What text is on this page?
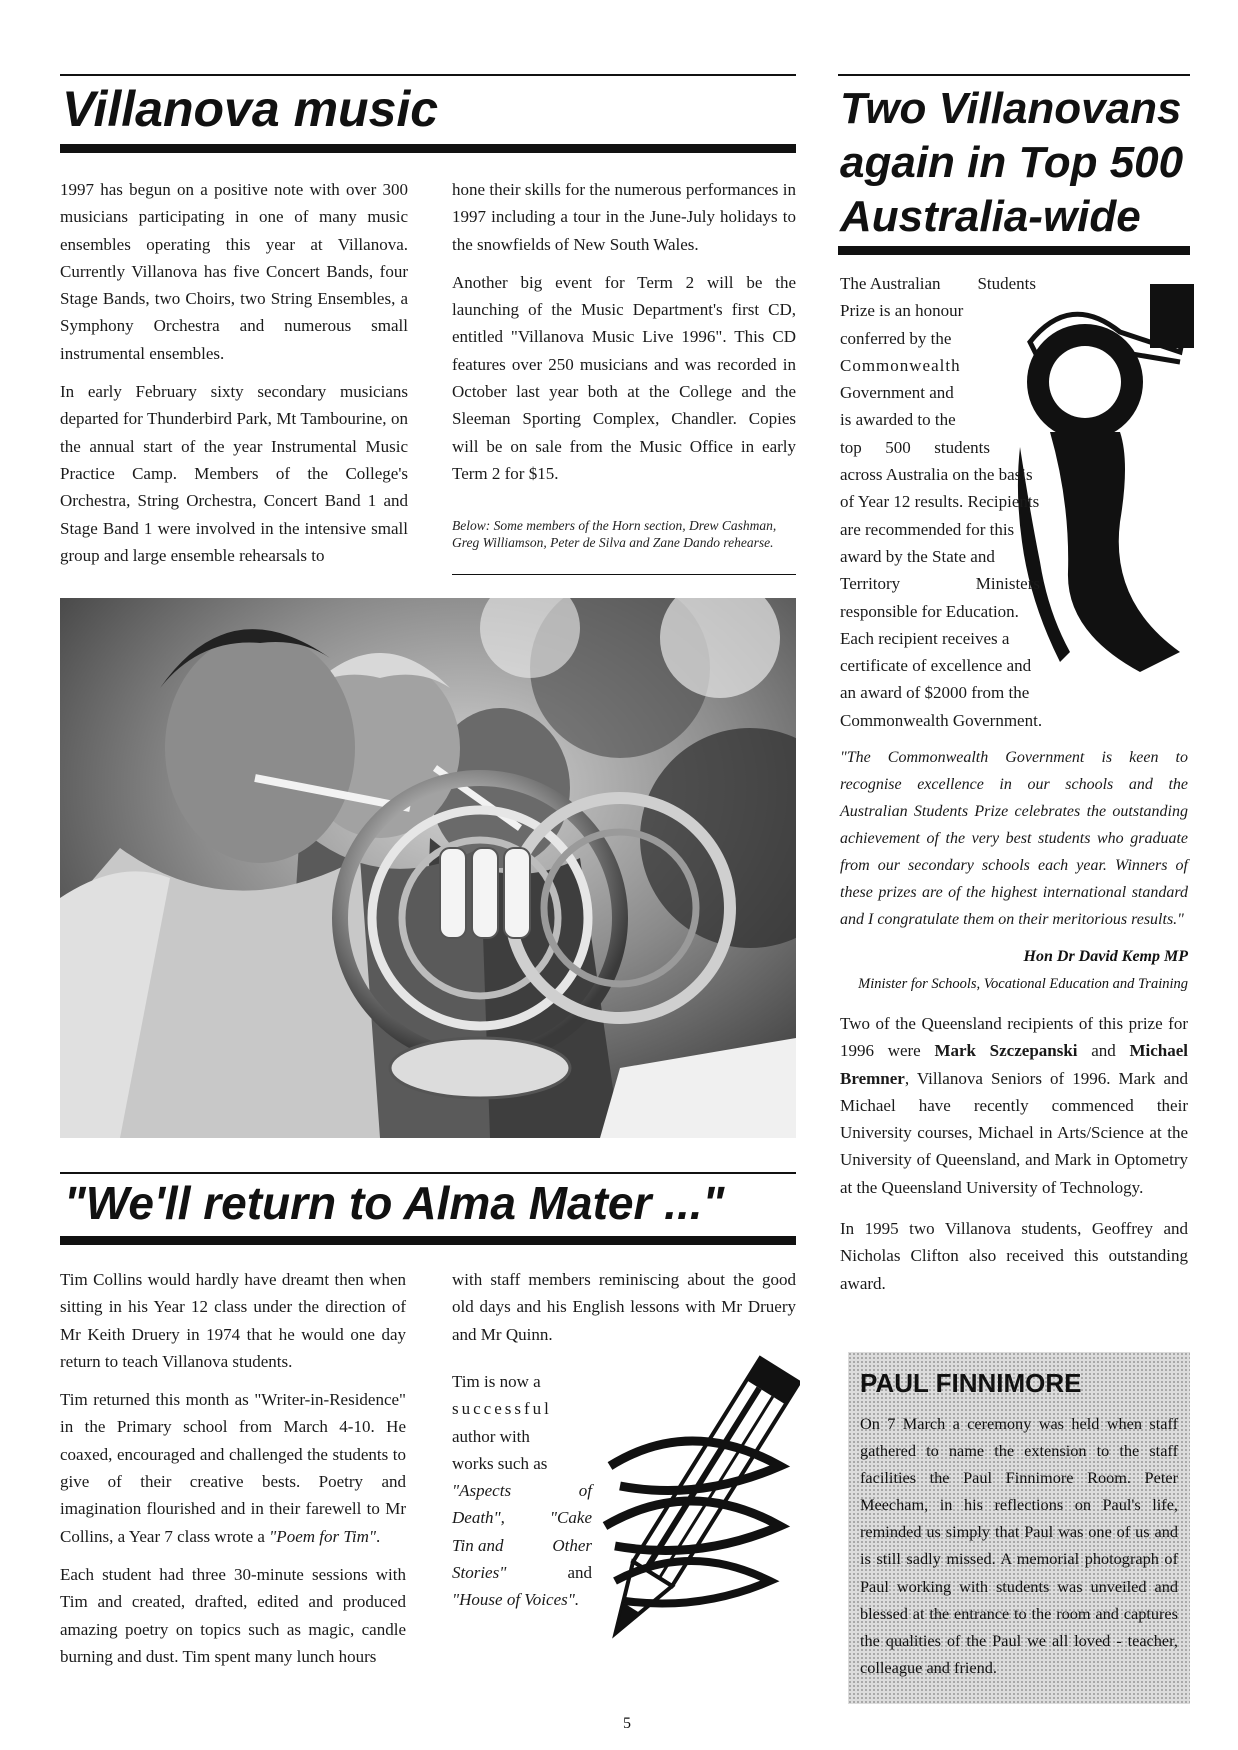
Villanova music

1997 has begun on a positive note with over 300 musicians participating in one of many music ensembles operating this year at Villanova. Currently Villanova has five Concert Bands, four Stage Bands, two Choirs, two String Ensembles, a Symphony Orchestra and numerous small instrumental ensembles.

In early February sixty secondary musicians departed for Thunderbird Park, Mt Tambourine, on the annual start of the year Instrumental Music Practice Camp. Members of the College's Orchestra, String Orchestra, Concert Band 1 and Stage Band 1 were involved in the intensive small group and large ensemble rehearsals to

hone their skills for the numerous performances in 1997 including a tour in the June-July holidays to the snowfields of New South Wales.

Another big event for Term 2 will be the launching of the Music Department's first CD, entitled "Villanova Music Live 1996". This CD features over 250 musicians and was recorded in October last year both at the College and the Sleeman Sporting Complex, Chandler. Copies will be on sale from the Music Office in early Term 2 for $15.

Below: Some members of the Horn section, Drew Cashman, Greg Williamson, Peter de Silva and Zane Dando rehearse.
"We'll return to Alma Mater ..."

Tim Collins would hardly have dreamt then when sitting in his Year 12 class under the direction of Mr Keith Druery in 1974 that he would one day return to teach Villanova students.

Tim returned this month as "Writer-in-Residence" in the Primary school from March 4-10. He coaxed, encouraged and challenged the students to give of their creative bests. Poetry and imagination flourished and in their farewell to Mr Collins, a Year 7 class wrote a "Poem for Tim".

Each student had three 30-minute sessions with Tim and created, drafted, edited and produced amazing poetry on topics such as magic, candle burning and dust. Tim spent many lunch hours

with staff members reminiscing about the good old days and his English lessons with Mr Druery and Mr Quinn.

Tim is now a
successful
author with
works such as
"Aspects	of
Death",	"Cake
Tin and	Other
Stories"	and
"House of Voices".
Two Villanovans
again in Top 500
Australia-wide
The Australian Students
Prize is an honour
conferred by the
Commonwealth
Government and
is awarded to the
top 500 students
across Australia on the basis
of Year 12 results. Recipients
are recommended for this
award by the State and
Territory	Ministers
responsible for Education.
Each recipient receives a
certificate of excellence and
an award of $2000 from the
Commonwealth Government.
"The Commonwealth Government is keen to recognise excellence in our schools and the Australian Students Prize celebrates the outstanding achievement of the very best students who graduate from our secondary schools each year. Winners of these prizes are of the highest international standard and I congratulate them on their meritorious results."
Hon Dr David Kemp MP
Minister for Schools, Vocational Education and Training

Two of the Queensland recipients of this prize for 1996 were Mark Szczepanski and Michael Bremner, Villanova Seniors of 1996. Mark and Michael have recently commenced their University courses, Michael in Arts/Science at the University of Queensland, and Mark in Optometry at the Queensland University of Technology.

In 1995 two Villanova students, Geoffrey and Nicholas Clifton also received this outstanding award.

PAUL FINNIMORE

On 7 March a ceremony was held when staff gathered to name the extension to the staff facilities the Paul Finnimore Room. Peter Meecham, in his reflections on Paul's life, reminded us simply that Paul was one of us and is still sadly missed. A memorial photograph of Paul working with students was unveiled and blessed at the entrance to the room and captures the qualities of the Paul we all loved - teacher, colleague and friend.

5
